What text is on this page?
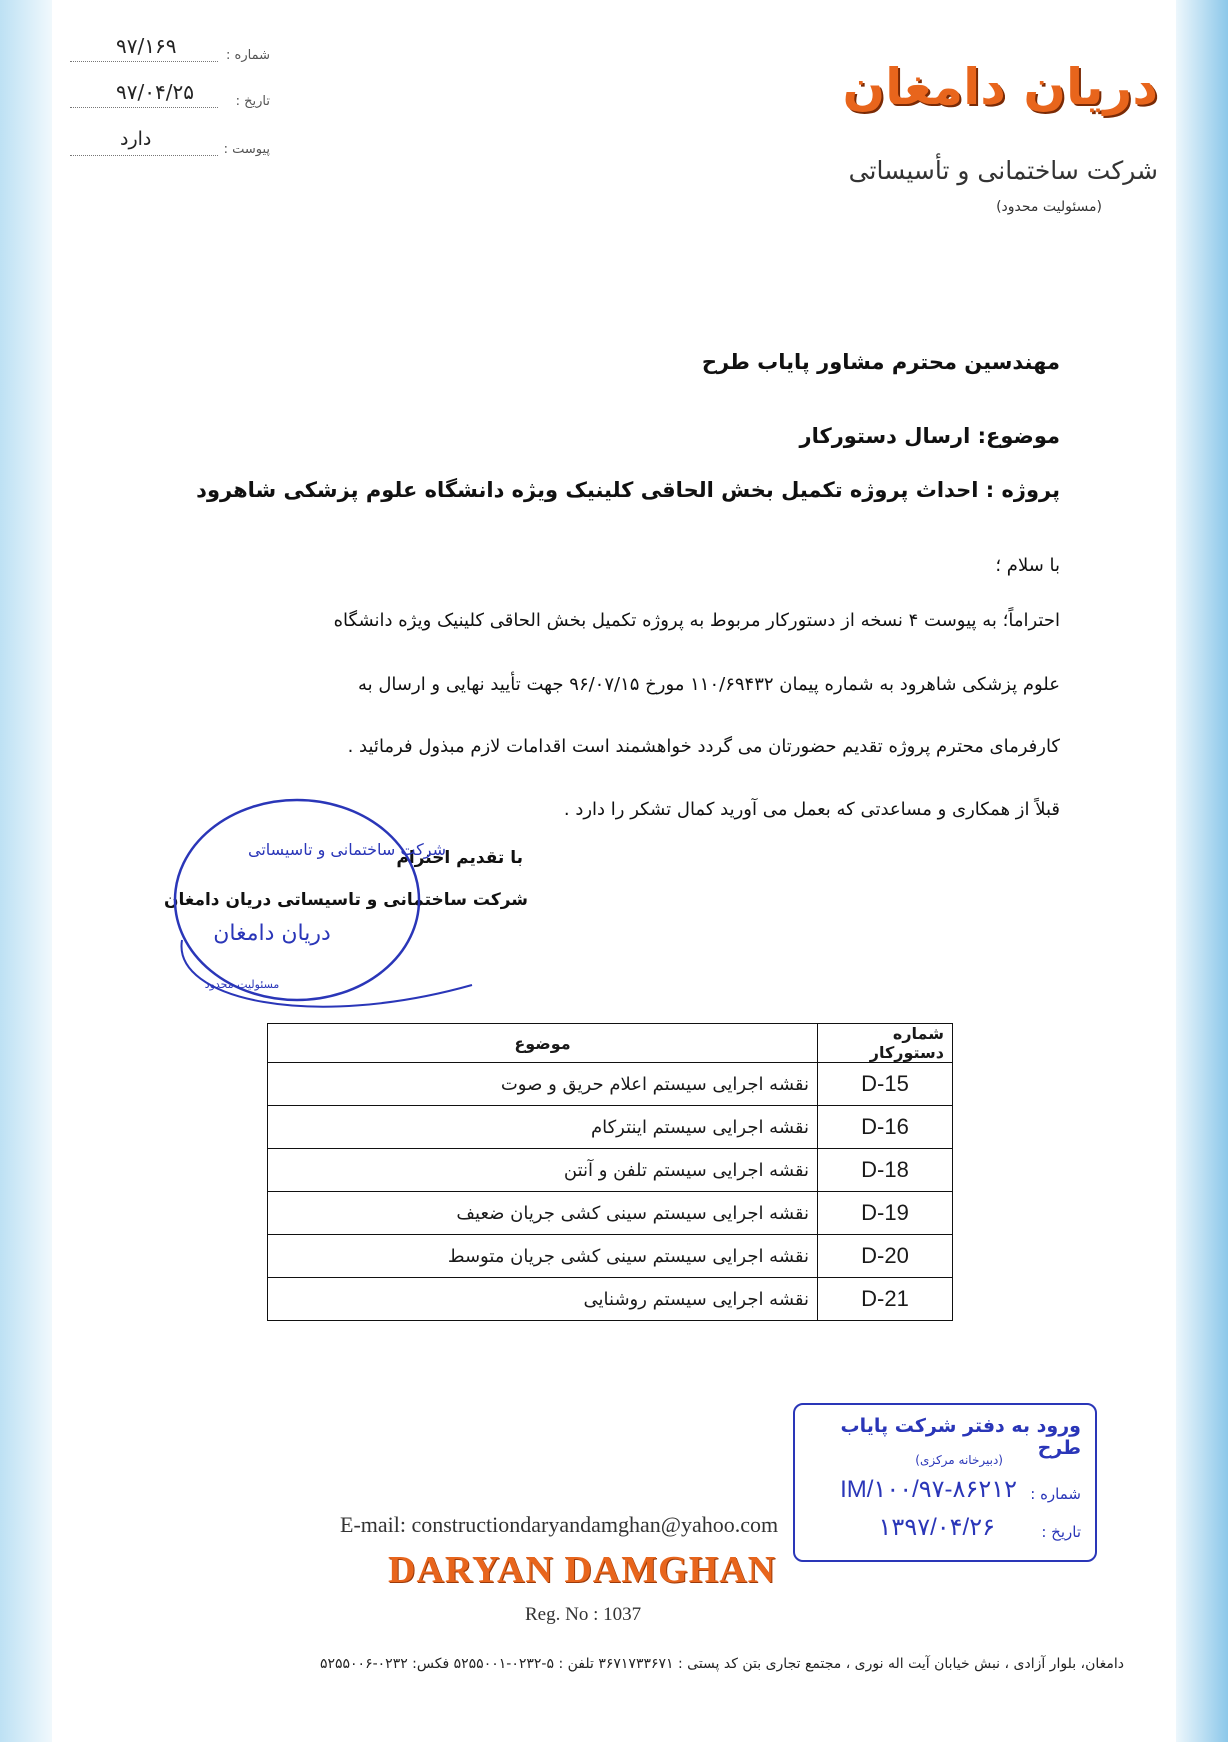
شماره :
۹۷/۱۶۹
تاریخ :
۹۷/۰۴/۲۵
پیوست :
دارد
دریان دامغان
شرکت ساختمانی و تأسیساتی
(مسئولیت محدود)
مهندسین محترم مشاور پایاب طرح
موضوع: ارسال دستورکار
پروژه : احداث پروژه تکمیل بخش الحاقی کلینیک ویژه دانشگاه علوم پزشکی شاهرود
با سلام ؛
احتراماً؛ به پیوست ۴ نسخه از دستورکار مربوط به پروژه تکمیل بخش الحاقی کلینیک ویژه دانشگاه
علوم پزشکی شاهرود به شماره پیمان ۱۱۰/۶۹۴۳۲ مورخ ۹۶/۰۷/۱۵ جهت تأیید نهایی و ارسال به
کارفرمای محترم پروژه تقدیم حضورتان می گردد خواهشمند است اقدامات لازم مبذول فرمائید .
قبلاً از همکاری و مساعدتی که بعمل می آورید کمال تشکر را دارد .
با تقدیم احترام
شرکت ساختمانی و تاسیساتی دریان دامغان
شرکت ساختمانی و تاسیساتی
دریان دامغان
مسئولیت محدود
شماره دستورکار	موضوع
D-15	نقشه اجرایی سیستم اعلام حریق و صوت
D-16	نقشه اجرایی سیستم اینترکام
D-18	نقشه اجرایی سیستم تلفن و آنتن
D-19	نقشه اجرایی سیستم سینی کشی جریان ضعیف
D-20	نقشه اجرایی سیستم سینی کشی جریان متوسط
D-21	نقشه اجرایی سیستم روشنایی
ورود به دفتر شرکت پایاب طرح
(دبیرخانه مرکزی)
شماره :
IM/۱۰۰/۹۷-۸۶۲۱۲
تاریخ :
۱۳۹۷/۰۴/۲۶
E-mail: constructiondaryandamghan@yahoo.com
DARYAN DAMGHAN
Reg. No : 1037
دامغان، بلوار آزادی ، نبش خیابان آیت اله نوری ، مجتمع تجاری بتن کد پستی : ۳۶۷۱۷۳۳۶۷۱ تلفن : ۵-۰۲۳۲-۵۲۵۵۰۰۱ فکس: ۰۲۳۲-۵۲۵۵۰۰۶
